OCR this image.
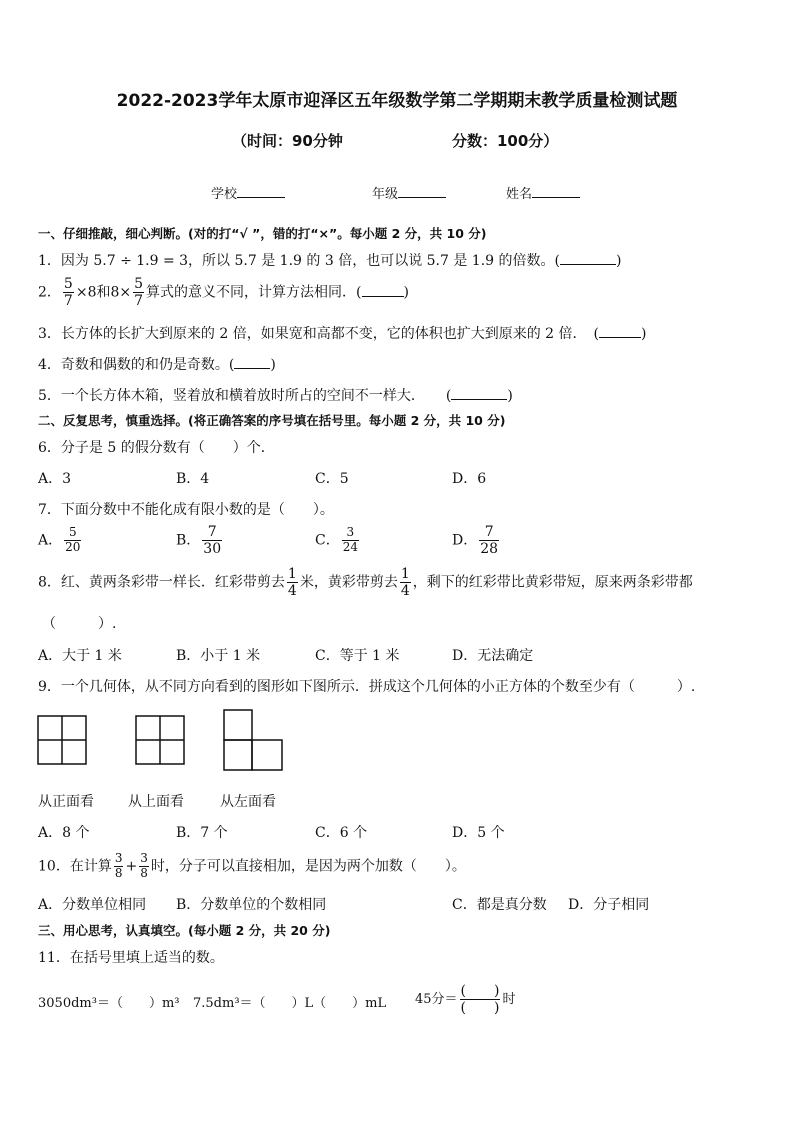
2022-2023学年太原市迎泽区五年级数学第二学期期末教学质量检测试题
（时间：90分钟	分数：100分）
学校	年级	姓名
一、仔细推敲，细心判断。(对的打“√ ”，错的打“×”。每小题 2 分，共 10 分)
1．因为 5.7 ÷ 1.9 = 3，所以 5.7 是 1.9 的 3 倍，也可以说 5.7 是 1.9 的倍数。(	)
2． $\frac{5}{7} \times 8$和$8\times \frac{5}{7}$ 算式的意义不同，计算方法相同．(	)
3．长方体的长扩大到原来的 2 倍，如果宽和高都不变，它的体积也扩大到原来的 2 倍．　(	)
4．奇数和偶数的和仍是奇数。(	)
5．一个长方体木箱，竖着放和横着放时所占的空间不一样大．　　(	)
二、反复思考，慎重选择。(将正确答案的序号填在括号里。每小题 2 分，共 10 分)
6．分子是 5 的假分数有（　　）个．
A．3	B．4	C．5	D．6
7．下面分数中不能化成有限小数的是（　　）。
A． $\frac{5}{20}$	B． $\frac{7}{30}$	C． $\frac{3}{24}$	D． $\frac{7}{28}$
8．红、黄两条彩带一样长．红彩带剪去 $\frac{1}{4}$ 米，黄彩带剪去 $\frac{1}{4}$ ，剩下的红彩带比黄彩带短，原来两条彩带都
（　　　）.
A．大于 1 米	B．小于 1 米	C．等于 1 米	D．无法确定
9．一个几何体，从不同方向看到的图形如下图所示．拼成这个几何体的小正方体的个数至少有（　　　）.
从正面看 从上面看	从左面看
A．8 个	B．7 个	C．6 个	D．5 个
10．在计算 $\frac{3}{8} + \frac{3}{8}$ 时，分子可以直接相加，是因为两个加数（　　）。
A．分数单位相同 B．分数单位的个数相同	C．都是真分数 D．分子相同
三、用心思考，认真填空。(每小题 2 分，共 20 分)
11．在括号里填上适当的数。
3050dm³＝（　　）m³ 7.5dm³＝（　　）L（　　）mL 45分＝ $\frac{( )}{( )}$ 时
